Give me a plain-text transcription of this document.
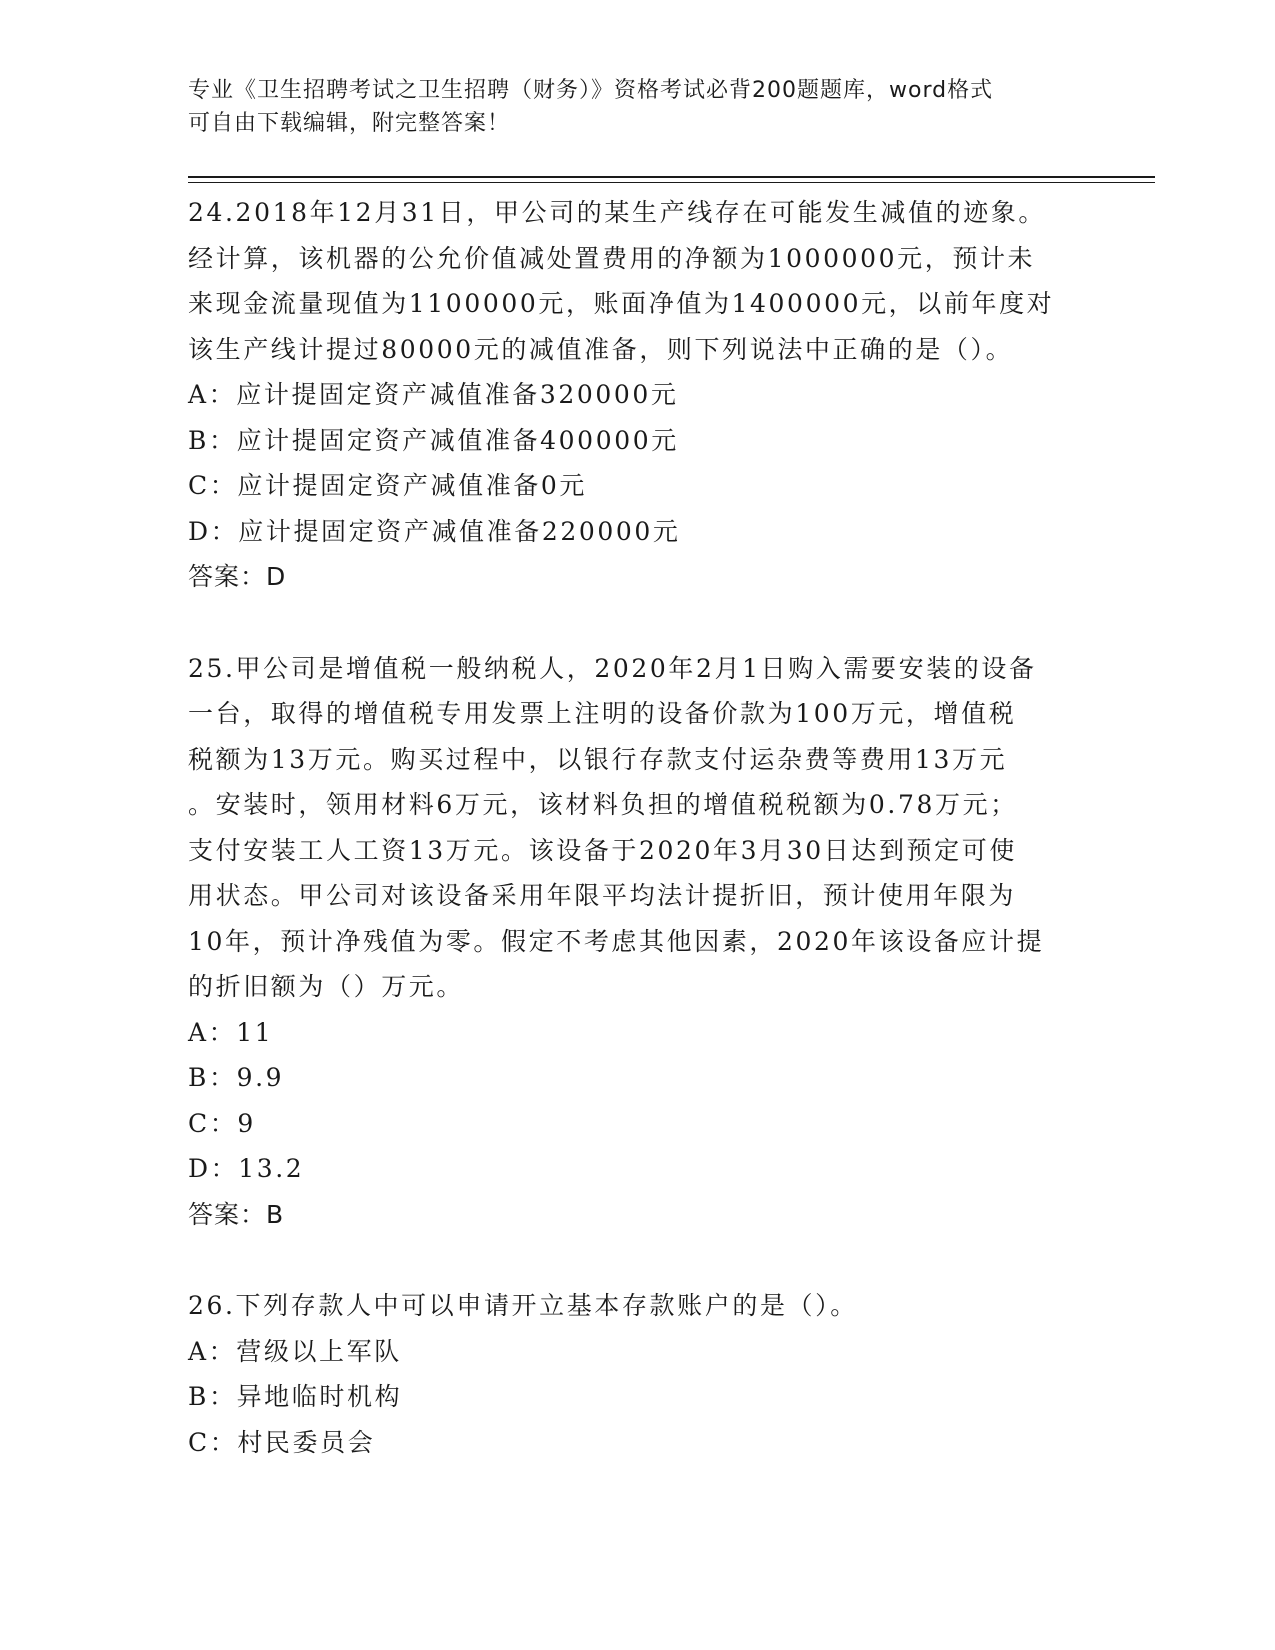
专业《卫生招聘考试之卫生招聘（财务）》资格考试必背200题题库，word格式
可自由下载编辑，附完整答案！
24.2018年12月31日，甲公司的某生产线存在可能发生减值的迹象。
经计算，该机器的公允价值减处置费用的净额为1000000元，预计未
来现金流量现值为1100000元，账面净值为1400000元，以前年度对
该生产线计提过80000元的减值准备，则下列说法中正确的是（）。
A：应计提固定资产减值准备320000元
B：应计提固定资产减值准备400000元
C：应计提固定资产减值准备0元
D：应计提固定资产减值准备220000元
答案：D
25.甲公司是增值税一般纳税人，2020年2月1日购入需要安装的设备
一台，取得的增值税专用发票上注明的设备价款为100万元，增值税
税额为13万元。购买过程中，以银行存款支付运杂费等费用13万元
。安装时，领用材料6万元，该材料负担的增值税税额为0.78万元；
支付安装工人工资13万元。该设备于2020年3月30日达到预定可使
用状态。甲公司对该设备采用年限平均法计提折旧，预计使用年限为
10年，预计净残值为零。假定不考虑其他因素，2020年该设备应计提
的折旧额为（）万元。
A：11
B：9.9
C：9
D：13.2
答案：B
26.下列存款人中可以申请开立基本存款账户的是（）。
A：营级以上军队
B：异地临时机构
C：村民委员会
